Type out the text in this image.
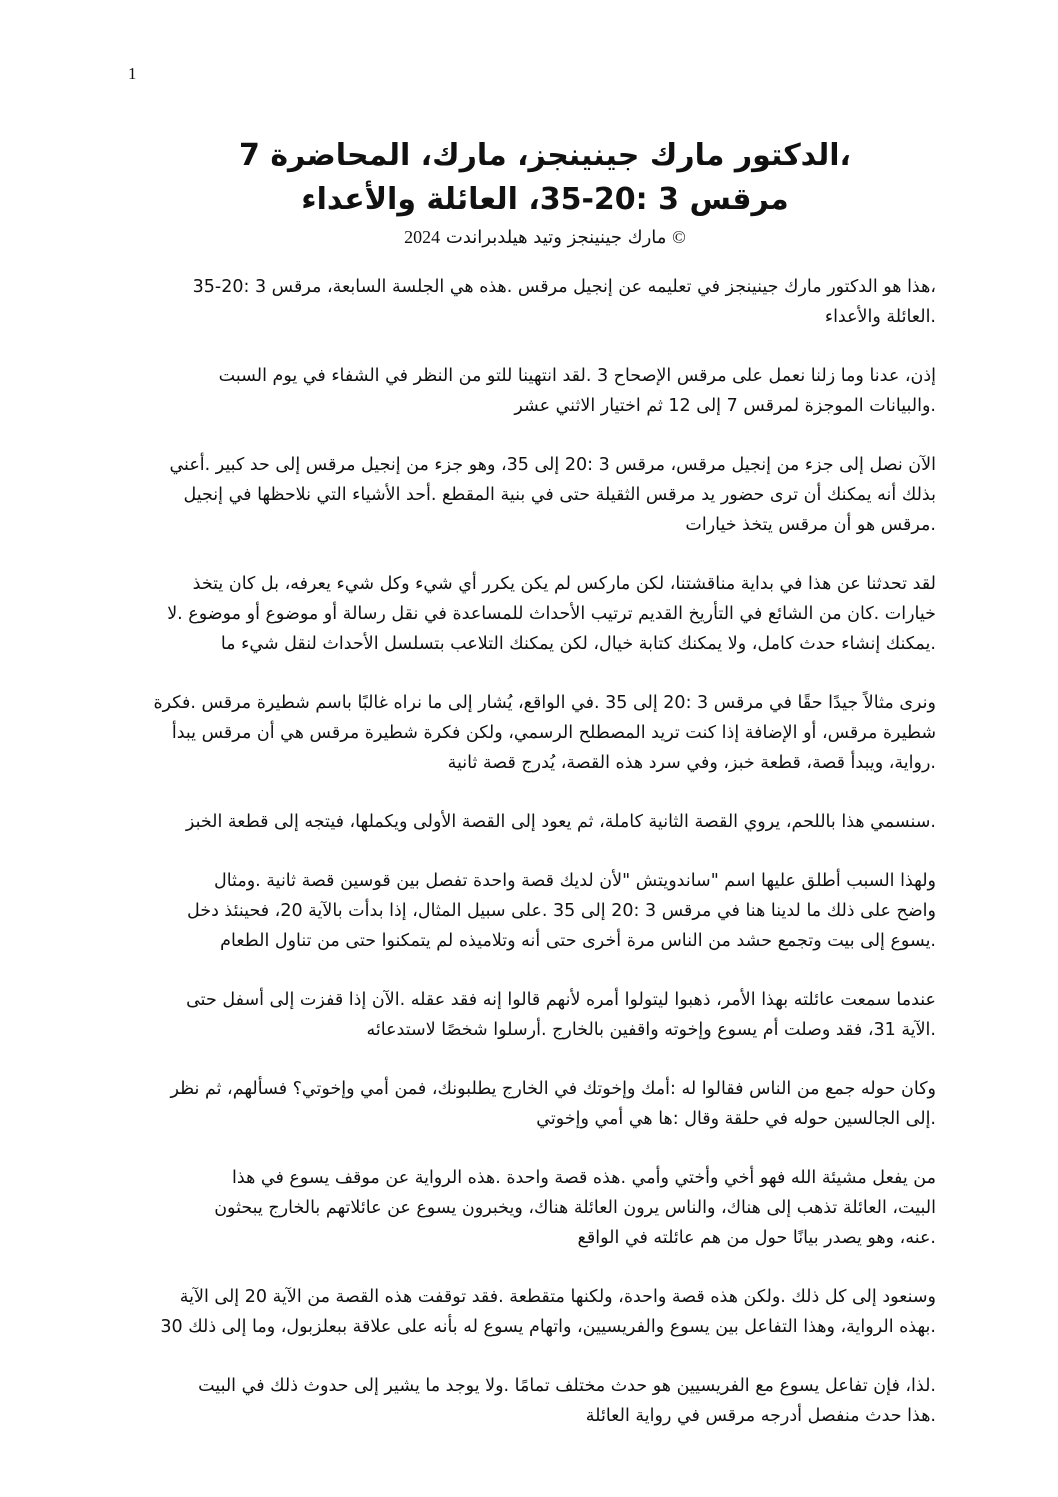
1
،الدكتور مارك جينينجز، مارك، المحاضرة 7
مرقس 3 :20-35، العائلة والأعداء
مارك جينينجز وتيد هيلدبراندت 2024	©

،هذا هو الدكتور مارك جينينجز في تعليمه عن إنجيل مرقس .هذه هي الجلسة السابعة، مرقس 3 :20-35
.العائلة والأعداء

إذن، عدنا وما زلنا نعمل على مرقس الإصحاح 3 .لقد انتهينا للتو من النظر في الشفاء في يوم السبت
.والبيانات الموجزة لمرقس 7 إلى 12 ثم اختيار الاثني عشر

الآن نصل إلى جزء من إنجيل مرقس، مرقس 3 :20 إلى 35، وهو جزء من إنجيل مرقس إلى حد كبير .أعني
بذلك أنه يمكنك أن ترى حضور يد مرقس الثقيلة حتى في بنية المقطع .أحد الأشياء التي نلاحظها في إنجيل
.مرقس هو أن مرقس يتخذ خيارات

لقد تحدثنا عن هذا في بداية مناقشتنا، لكن ماركس لم يكن يكرر أي شيء وكل شيء يعرفه، بل كان يتخذ
خيارات .كان من الشائع في التأريخ القديم ترتيب الأحداث للمساعدة في نقل رسالة أو موضوع أو موضوع .لا
.يمكنك إنشاء حدث كامل، ولا يمكنك كتابة خيال، لكن يمكنك التلاعب بتسلسل الأحداث لنقل شيء ما

ونرى مثالاً جيدًا حقًا في مرقس 3 :20 إلى 35 .في الواقع، يُشار إلى ما نراه غالبًا باسم شطيرة مرقس .فكرة
شطيرة مرقس، أو الإضافة إذا كنت تريد المصطلح الرسمي، ولكن فكرة شطيرة مرقس هي أن مرقس يبدأ
.رواية، ويبدأ قصة، قطعة خبز، وفي سرد هذه القصة، يُدرج قصة ثانية

.سنسمي هذا باللحم، يروي القصة الثانية كاملة، ثم يعود إلى القصة الأولى ويكملها، فيتجه إلى قطعة الخبز

ولهذا السبب أطلق عليها اسم "ساندويتش "لأن لديك قصة واحدة تفصل بين قوسين قصة ثانية .ومثال
واضح على ذلك ما لدينا هنا في مرقس 3 :20 إلى 35 .على سبيل المثال، إذا بدأت بالآية 20، فحينئذ دخل
.يسوع إلى بيت وتجمع حشد من الناس مرة أخرى حتى أنه وتلاميذه لم يتمكنوا حتى من تناول الطعام

عندما سمعت عائلته بهذا الأمر، ذهبوا ليتولوا أمره لأنهم قالوا إنه فقد عقله .الآن إذا قفزت إلى أسفل حتى
.الآية 31، فقد وصلت أم يسوع وإخوته واقفين بالخارج .أرسلوا شخصًا لاستدعائه

وكان حوله جمع من الناس فقالوا له :أمك وإخوتك في الخارج يطلبونك، فمن أمي وإخوتي؟ فسألهم، ثم نظر
.إلى الجالسين حوله في حلقة وقال :ها هي أمي وإخوتي

من يفعل مشيئة الله فهو أخي وأختي وأمي .هذه قصة واحدة .هذه الرواية عن موقف يسوع في هذا
البيت، العائلة تذهب إلى هناك، والناس يرون العائلة هناك، ويخبرون يسوع عن عائلاتهم بالخارج يبحثون
.عنه، وهو يصدر بيانًا حول من هم عائلته في الواقع

وسنعود إلى كل ذلك .ولكن هذه قصة واحدة، ولكنها متقطعة .فقد توقفت هذه القصة من الآية 20 إلى الآية
.بهذه الرواية، وهذا التفاعل بين يسوع والفريسيين، واتهام يسوع له بأنه على علاقة ببعلزبول، وما إلى ذلك 30

.لذا، فإن تفاعل يسوع مع الفريسيين هو حدث مختلف تمامًا .ولا يوجد ما يشير إلى حدوث ذلك في البيت
.هذا حدث منفصل أدرجه مرقس في رواية العائلة
